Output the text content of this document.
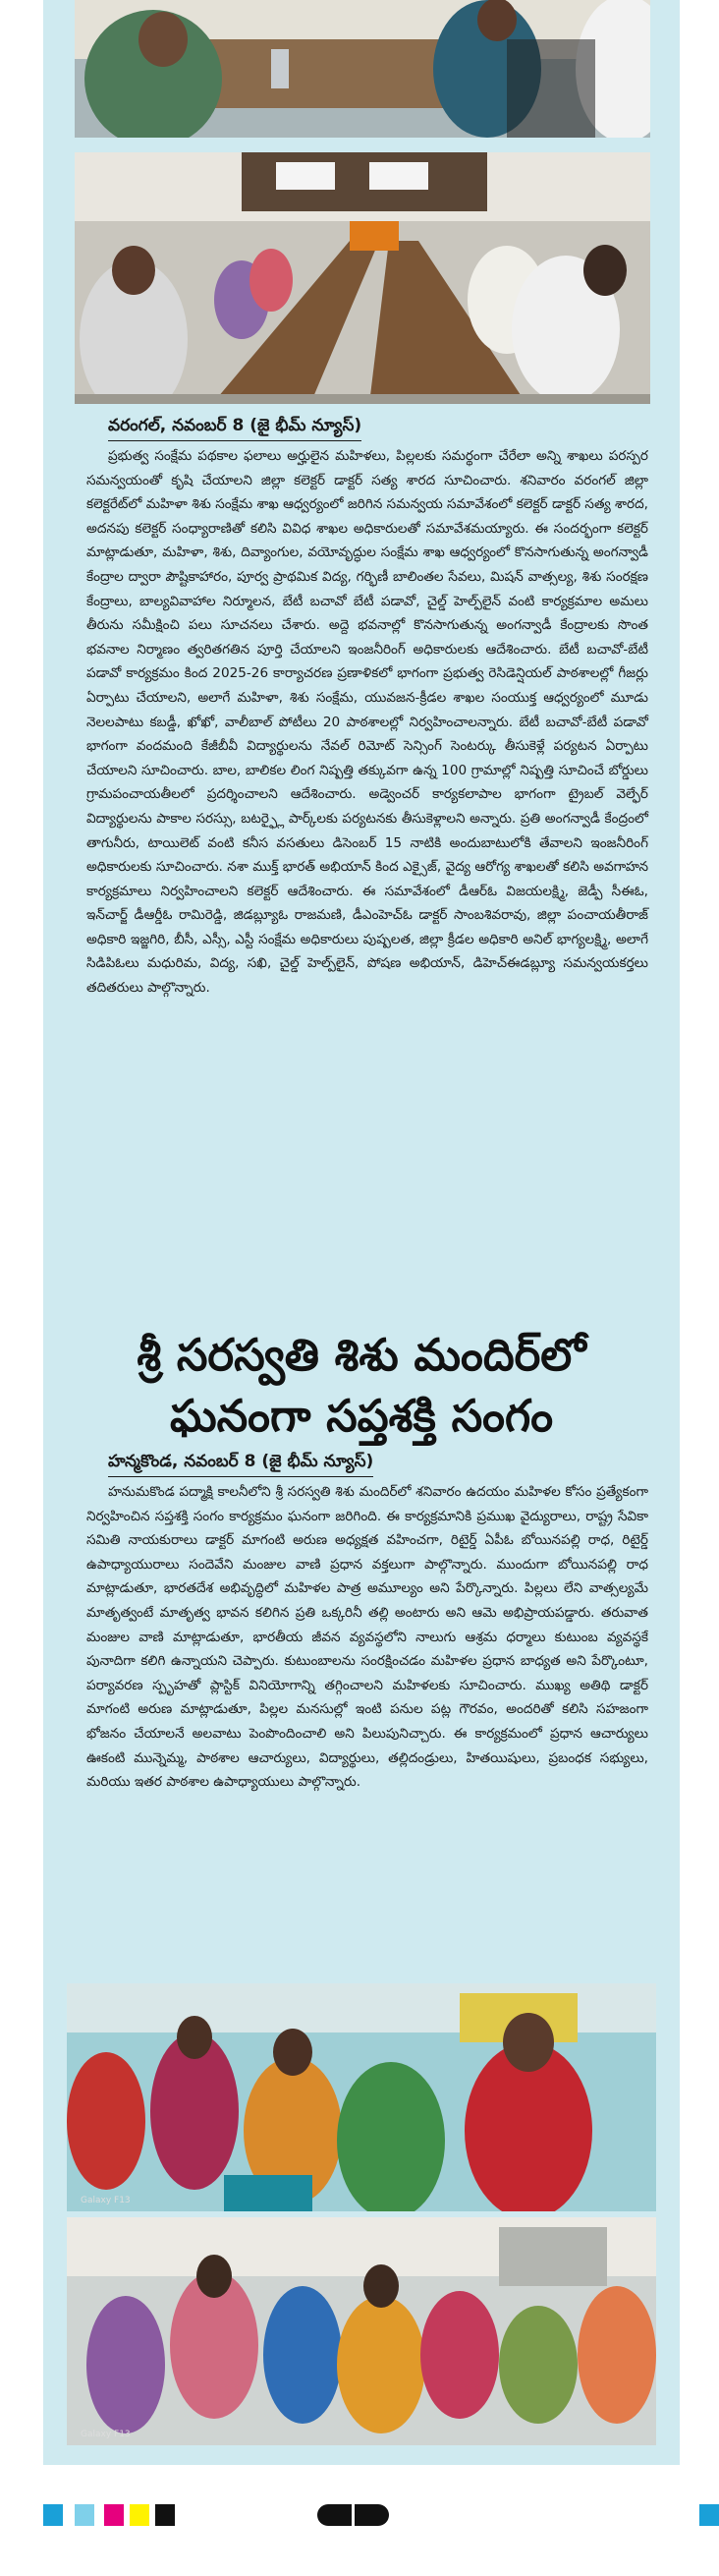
వరంగల్, నవంబర్ 8 (జై భీమ్ న్యూస్)

ప్రభుత్వ సంక్షేమ పథకాల ఫలాలు అర్హులైన మహిళలు, పిల్లలకు సమర్థంగా చేరేలా అన్ని శాఖలు పరస్పర సమన్వయంతో కృషి చేయాలని జిల్లా కలెక్టర్ డాక్టర్ సత్య శారద సూచించారు. శనివారం వరంగల్ జిల్లా కలెక్టరేట్‌లో మహిళా శిశు సంక్షేమ శాఖ ఆధ్వర్యంలో జరిగిన సమన్వయ సమావేశంలో కలెక్టర్ డాక్టర్ సత్య శారద, అదనపు కలెక్టర్ సంధ్యారాణితో కలిసి వివిధ శాఖల అధికారులతో సమావేశమయ్యారు. ఈ సందర్భంగా కలెక్టర్ మాట్లాడుతూ, మహిళా, శిశు, దివ్యాంగుల, వయోవృద్ధుల సంక్షేమ శాఖ ఆధ్వర్యంలో కొనసాగుతున్న అంగన్వాడీ కేంద్రాల ద్వారా పౌష్టికాహారం, పూర్వ ప్రాథమిక విద్య, గర్భిణీ బాలింతల సేవలు, మిషన్ వాత్సల్య, శిశు సంరక్షణ కేంద్రాలు, బాల్యవివాహాల నిర్మూలన, బేటీ బచావో బేటీ పడావో, చైల్డ్ హెల్ప్‌లైన్ వంటి కార్యక్రమాల అమలు తీరును సమీక్షించి పలు సూచనలు చేశారు. అద్దె భవనాల్లో కొనసాగుతున్న అంగన్వాడీ కేంద్రాలకు సొంత భవనాల నిర్మాణం త్వరితగతిన పూర్తి చేయాలని ఇంజనీరింగ్ అధికారులకు ఆదేశించారు. బేటీ బచావో-బేటీ పడావో కార్యక్రమం కింద 2025-26 కార్యాచరణ ప్రణాళికలో భాగంగా ప్రభుత్వ రెసిడెన్షియల్ పాఠశాలల్లో గీజర్లు ఏర్పాటు చేయాలని, అలాగే మహిళా, శిశు సంక్షేమ, యువజన-క్రీడల శాఖల సంయుక్త ఆధ్వర్యంలో మూడు నెలలపాటు కబడ్డీ, ఖోఖో, వాలీబాల్ పోటీలు 20 పాఠశాలల్లో నిర్వహించాలన్నారు. బేటీ బచావో-బేటీ పడావో భాగంగా వందమంది కేజీబీవీ విద్యార్థులను నేవల్ రిమోట్ సెన్సింగ్ సెంటర్కు తీసుకెళ్లే పర్యటన ఏర్పాటు చేయాలని సూచించారు. బాల, బాలికల లింగ నిష్పత్తి తక్కువగా ఉన్న 100 గ్రామాల్లో నిష్పత్తి సూచించే బోర్డులు గ్రామపంచాయతీలలో ప్రదర్శించాలని ఆదేశించారు. అడ్వెంచర్ కార్యకలాపాల భాగంగా ట్రైబల్ వెల్ఫేర్ విద్యార్థులను పాకాల సరస్సు, బటర్ఫ్లై పార్క్‌లకు పర్యటనకు తీసుకెళ్లాలని అన్నారు. ప్రతి అంగన్వాడీ కేంద్రంలో తాగునీరు, టాయిలెట్ వంటి కనీస వసతులు డిసెంబర్ 15 నాటికి అందుబాటులోకి తేవాలని ఇంజనీరింగ్ అధికారులకు సూచించారు. నశా ముక్త్ భారత్ అభియాన్ కింద ఎక్సైజ్, వైద్య ఆరోగ్య శాఖలతో కలిసి అవగాహన కార్యక్రమాలు నిర్వహించాలని కలెక్టర్ ఆదేశించారు. ఈ సమావేశంలో డీఆర్‌ఓ విజయలక్ష్మి, జెడ్పీ సీఈఓ, ఇన్‌చార్జ్ డీఆర్డీఓ రామిరెడ్డి, జిడబ్ల్యూఓ రాజమణి, డీఎంహెచ్ఓ డాక్టర్ సాంబశివరావు, జిల్లా పంచాయతీరాజ్ అధికారి ఇజ్జగిరి, బీసీ, ఎస్సీ, ఎస్టీ సంక్షేమ అధికారులు పుష్పలత, జిల్లా క్రీడల అధికారి అనిల్ భాగ్యలక్ష్మి, అలాగే సిడిపిఓలు మధురిమ, విద్య, సఖి, చైల్డ్ హెల్ప్‌లైన్, పోషణ అభియాన్, డిహెచ్ఈడబ్ల్యూ సమన్వయకర్తలు తదితరులు పాల్గొన్నారు.

శ్రీ సరస్వతి శిశు మందిర్‌లో ఘనంగా సప్తశక్తి సంగం
హన్మకొండ, నవంబర్ 8 (జై భీమ్ న్యూస్)

హనుమకొండ పద్మాక్షి కాలనీలోని శ్రీ సరస్వతి శిశు మందిర్‌లో శనివారం ఉదయం మహిళల కోసం ప్రత్యేకంగా నిర్వహించిన సప్తశక్తి సంగం కార్యక్రమం ఘనంగా జరిగింది. ఈ కార్యక్రమానికి ప్రముఖ వైద్యురాలు, రాష్ట్ర సేవికా సమితి నాయకురాలు డాక్టర్ మాగంటి అరుణ అధ్యక్షత వహించగా, రిటైర్డ్ ఏపీఓ బోయినపల్లి రాధ, రిటైర్డ్ ఉపాధ్యాయురాలు సందెవేని మంజుల వాణి ప్రధాన వక్తలుగా పాల్గొన్నారు. ముందుగా బోయినపల్లి రాధ మాట్లాడుతూ, భారతదేశ అభివృద్ధిలో మహిళల పాత్ర అమూల్యం అని పేర్కొన్నారు. పిల్లలు లేని వాత్సల్యమే మాతృత్వంటే మాతృత్వ భావన కలిగిన ప్రతి ఒక్కరినీ తల్లి అంటారు అని ఆమె అభిప్రాయపడ్డారు. తరువాత మంజుల వాణి మాట్లాడుతూ, భారతీయ జీవన వ్యవస్థలోని నాలుగు ఆశ్రమ ధర్మాలు కుటుంబ వ్యవస్థకే పునాదిగా కలిగి ఉన్నాయని చెప్పారు. కుటుంబాలను సంరక్షించడం మహిళల ప్రధాన బాధ్యత అని పేర్కొంటూ, పర్యావరణ స్పృహతో ప్లాస్టిక్ వినియోగాన్ని తగ్గించాలని మహిళలకు సూచించారు. ముఖ్య అతిథి డాక్టర్ మాగంటి అరుణ మాట్లాడుతూ, పిల్లల మనసుల్లో ఇంటి పనుల పట్ల గౌరవం, అందరితో కలిసి సహజంగా భోజనం చేయాలనే అలవాటు పెంపొందించాలి అని పిలుపునిచ్చారు. ఈ కార్యక్రమంలో ప్రధాన ఆచార్యులు ఊకంటి మున్నెమ్మ, పాఠశాల ఆచార్యులు, విద్యార్థులు, తల్లిదండ్రులు, హితయిషులు, ప్రబంధక సభ్యులు, మరియు ఇతర పాఠశాల ఉపాధ్యాయులు పాల్గొన్నారు.

Galaxy F13
Galaxy F13
